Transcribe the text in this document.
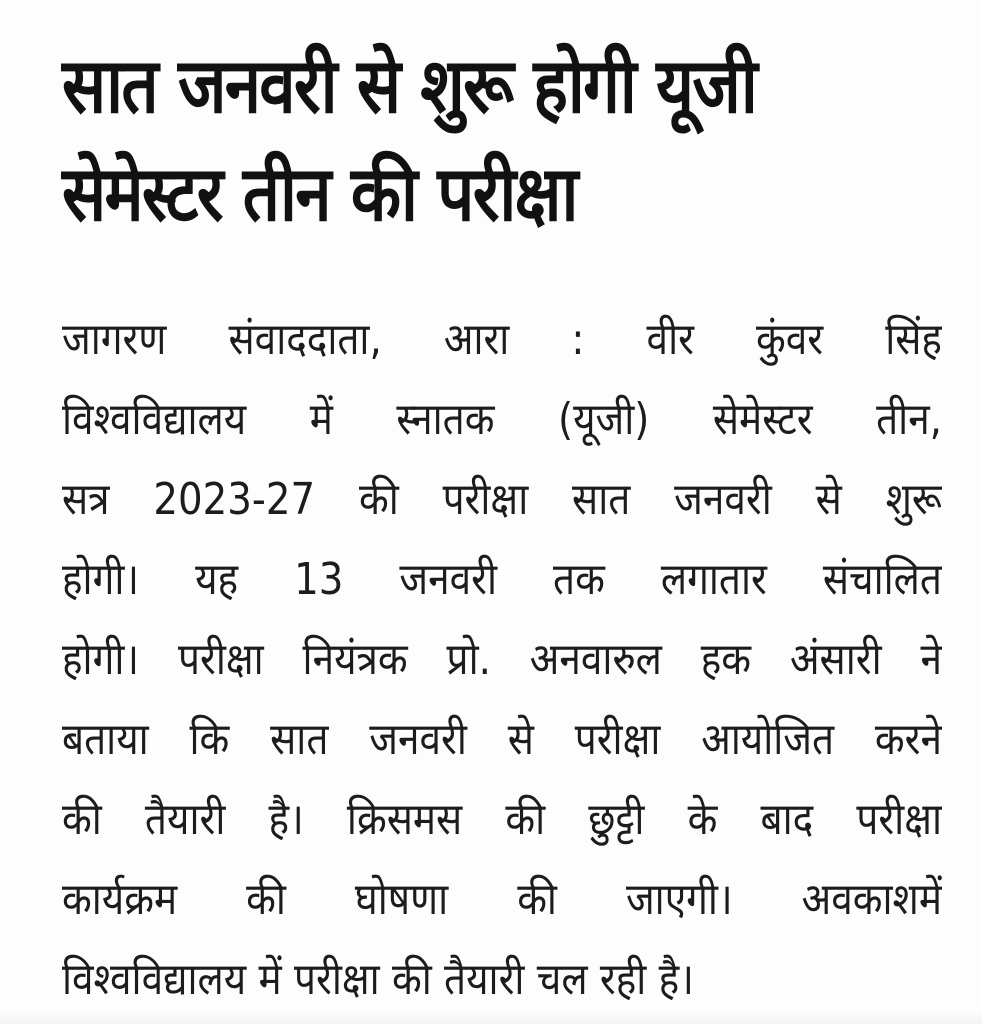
सात जनवरी से शुरू होगी यूजी
सेमेस्टर तीन की परीक्षा
जागरण संवाददाता, आरा : वीर कुंवर सिंह
विश्वविद्यालय में स्नातक (यूजी) सेमेस्टर तीन,
सत्र 2023-27 की परीक्षा सात जनवरी से शुरू
होगी। यह 13 जनवरी तक लगातार संचालित
होगी। परीक्षा नियंत्रक प्रो. अनवारुल हक अंसारी ने
बताया कि सात जनवरी से परीक्षा आयोजित करने
की तैयारी है। क्रिसमस की छुट्टी के बाद परीक्षा
कार्यक्रम की घोषणा की जाएगी। अवकाशमें
विश्वविद्यालय में परीक्षा की तैयारी चल रही है।
